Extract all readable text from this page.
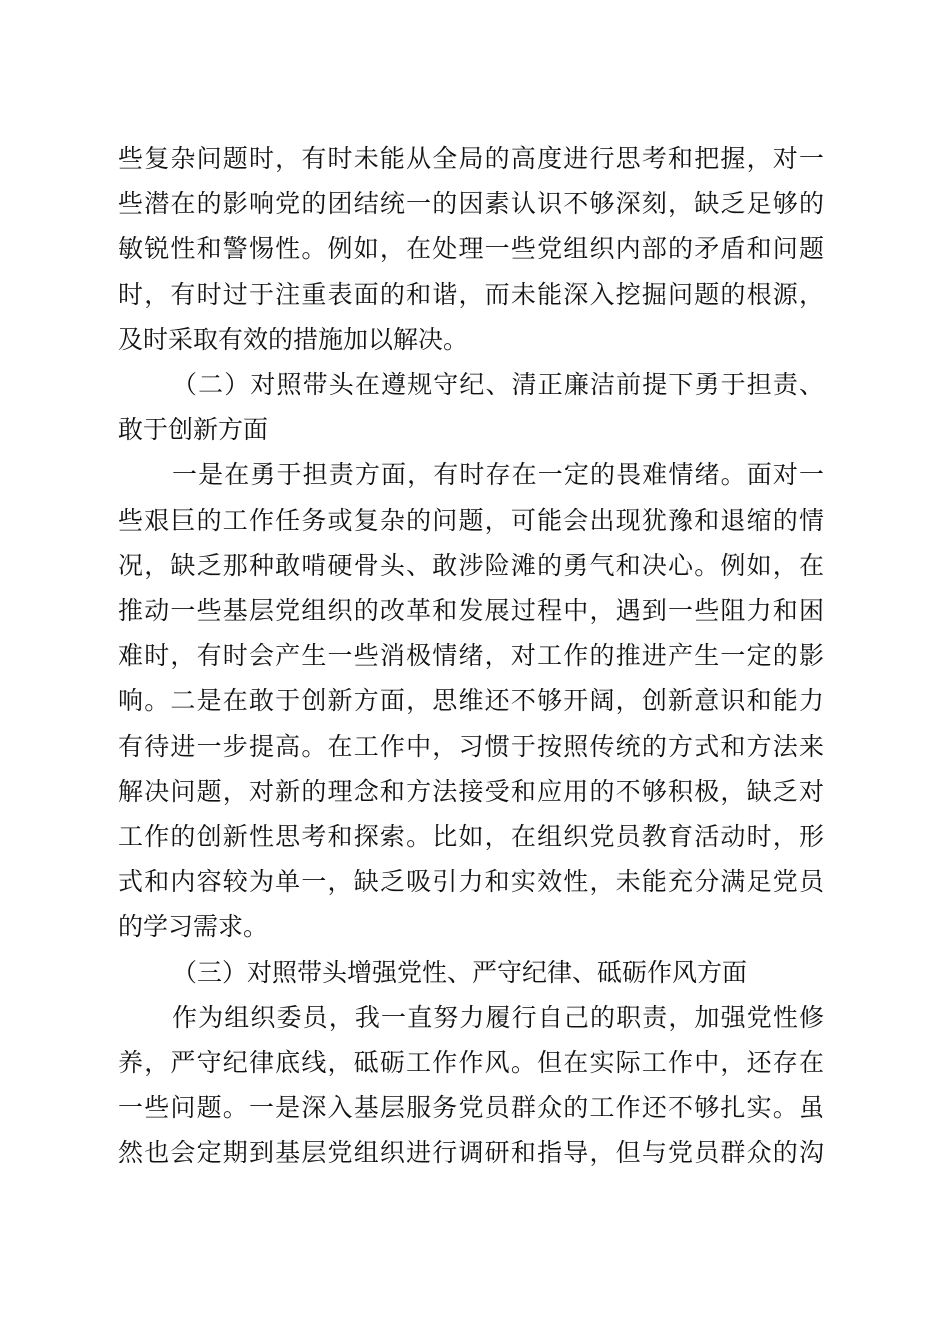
些复杂问题时，有时未能从全局的高度进行思考和把握，对一
些潜在的影响党的团结统一的因素认识不够深刻，缺乏足够的
敏锐性和警惕性。例如，在处理一些党组织内部的矛盾和问题
时，有时过于注重表面的和谐，而未能深入挖掘问题的根源，
及时采取有效的措施加以解决。
（二）对照带头在遵规守纪、清正廉洁前提下勇于担责、
敢于创新方面
一是在勇于担责方面，有时存在一定的畏难情绪。面对一
些艰巨的工作任务或复杂的问题，可能会出现犹豫和退缩的情
况，缺乏那种敢啃硬骨头、敢涉险滩的勇气和决心。例如，在
推动一些基层党组织的改革和发展过程中，遇到一些阻力和困
难时，有时会产生一些消极情绪，对工作的推进产生一定的影
响。二是在敢于创新方面，思维还不够开阔，创新意识和能力
有待进一步提高。在工作中，习惯于按照传统的方式和方法来
解决问题，对新的理念和方法接受和应用的不够积极，缺乏对
工作的创新性思考和探索。比如，在组织党员教育活动时，形
式和内容较为单一，缺乏吸引力和实效性，未能充分满足党员
的学习需求。
（三）对照带头增强党性、严守纪律、砥砺作风方面
作为组织委员，我一直努力履行自己的职责，加强党性修
养，严守纪律底线，砥砺工作作风。但在实际工作中，还存在
一些问题。一是深入基层服务党员群众的工作还不够扎实。虽
然也会定期到基层党组织进行调研和指导，但与党员群众的沟
